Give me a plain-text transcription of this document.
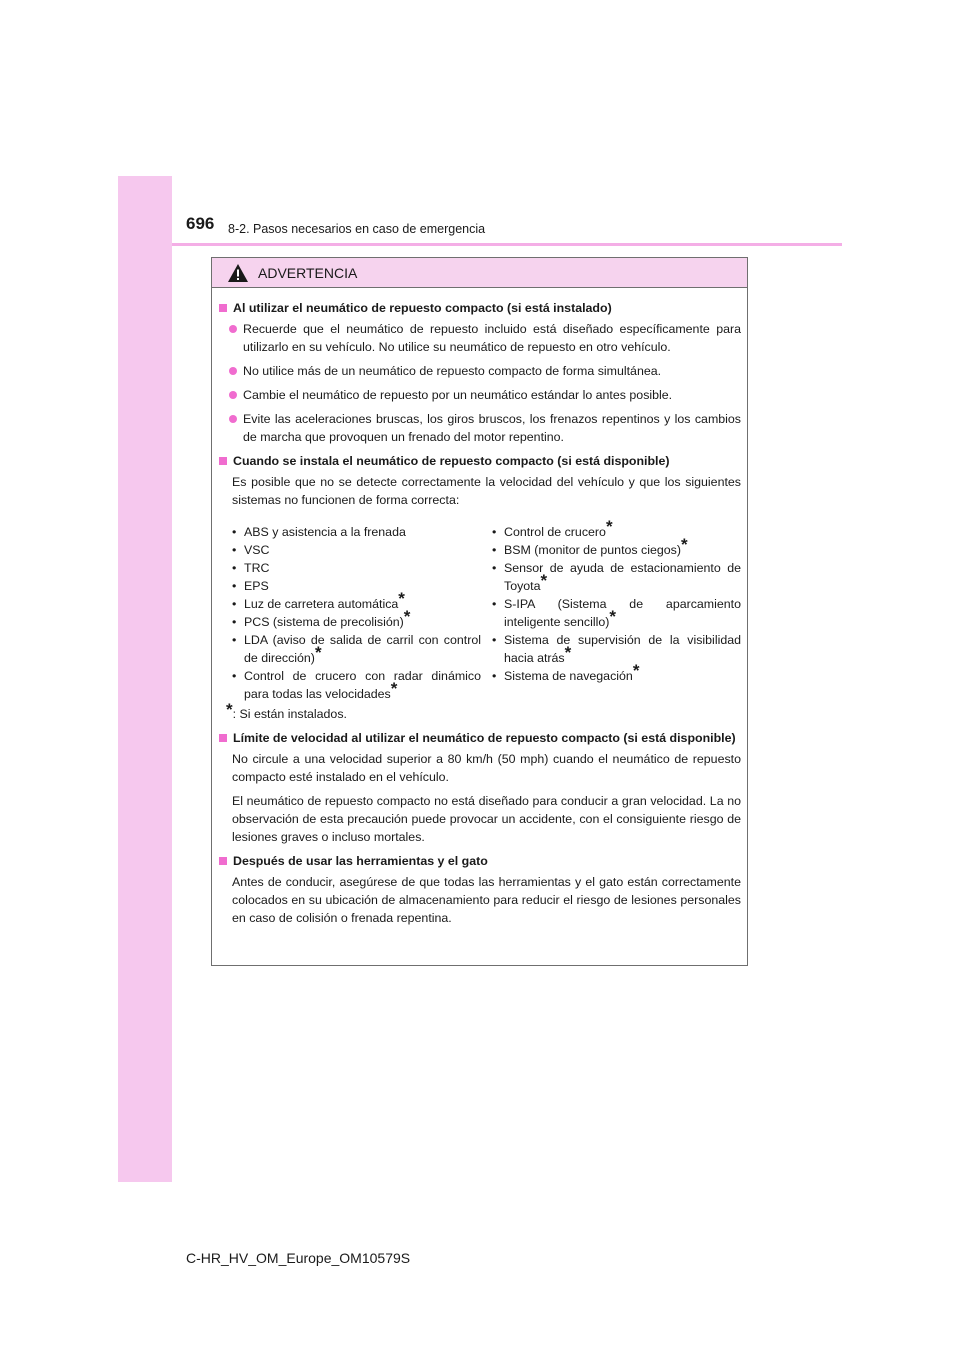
696 8-2. Pasos necesarios en caso de emergencia
ADVERTENCIA

Al utilizar el neumático de repuesto compacto (si está instalado)

Recuerde que el neumático de repuesto incluido está diseñado específicamente para utilizarlo en su vehículo. No utilice su neumático de repuesto en otro vehículo.

No utilice más de un neumático de repuesto compacto de forma simultánea.

Cambie el neumático de repuesto por un neumático estándar lo antes posible.

Evite las aceleraciones bruscas, los giros bruscos, los frenazos repentinos y los cambios de marcha que provoquen un frenado del motor repentino.

Cuando se instala el neumático de repuesto compacto (si está disponible)

Es posible que no se detecte correctamente la velocidad del vehículo y que los siguientes sistemas no funcionen de forma correcta:

• ABS y asistencia a la frenada
• VSC
• TRC
• EPS
• Luz de carretera automática*
• PCS (sistema de precolisión)*
• LDA (aviso de salida de carril con control de dirección)*
• Control de crucero con radar dinámico para todas las velocidades*
• Control de crucero*
• BSM (monitor de puntos ciegos)*
• Sensor de ayuda de estacionamiento de Toyota*
• S-IPA (Sistema de aparcamiento inteligente sencillo)*
• Sistema de supervisión de la visibilidad hacia atrás*
• Sistema de navegación*

*: Si están instalados.

Límite de velocidad al utilizar el neumático de repuesto compacto (si está disponible)

No circule a una velocidad superior a 80 km/h (50 mph) cuando el neumático de repuesto compacto esté instalado en el vehículo.

El neumático de repuesto compacto no está diseñado para conducir a gran velocidad. La no observación de esta precaución puede provocar un accidente, con el consiguiente riesgo de lesiones graves o incluso mortales.

Después de usar las herramientas y el gato

Antes de conducir, asegúrese de que todas las herramientas y el gato están correctamente colocados en su ubicación de almacenamiento para reducir el riesgo de lesiones personales en caso de colisión o frenada repentina.

C-HR_HV_OM_Europe_OM10579S
